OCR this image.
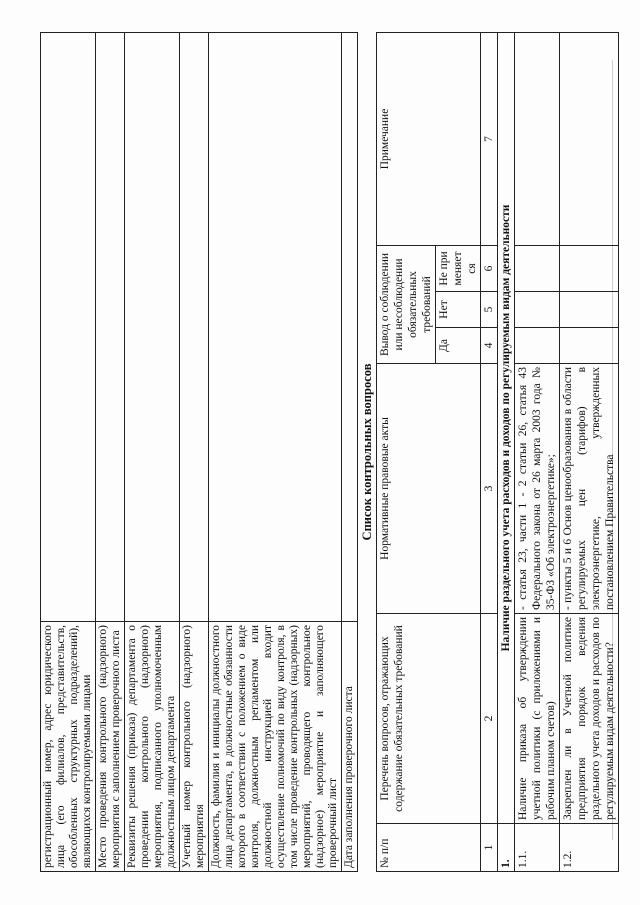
регистрационный номер, адрес юридического лица (его филиалов, представительств, обособленных структурных подразделений), являющихся контролируемыми лицами	
Место проведения контрольного (надзорного) мероприятия с заполнением проверочного листа	
Реквизиты решения (приказа) департамента о проведении контрольного (надзорного) мероприятия, подписанного уполномоченным должностным лицом департамента	
Учетный номер контрольного (надзорного) мероприятия	
Должность, фамилия и инициалы должностного лица департамента, в должностные обязанности которого в соответствии с положением о виде контроля, должностным регламентом или должностной инструкцией входит осуществление полномочий по виду контроля, в том числе проведение контрольных (надзорных) мероприятий, проводящего контрольное (надзорное) мероприятие и заполняющего проверочный лист	
Дата заполнения проверочного листа	
Список контрольных вопросов
№ п/п	Перечень вопросов, отражающих содержание обязательных требований	Нормативные правовые акты	Вывод о соблюдении или несоблюдении обязательных требований			Примечание
			Да	Нет	Не применяется	
1	2	3	4	5	6	7
1.	Наличие раздельного учета расходов и доходов по регулируемым видам деятельности					
1.1.	Наличие приказа об утверждении учетной политики (с приложениями и рабочим планом счетов)	- статья 23, части 1 - 2 статьи 26, статья 43 Федерального закона от 26 марта 2003 года № 35-ФЗ «Об электроэнергетике»;				
1.2.	Закреплен ли в Учетной политике предприятия порядок ведения раздельного учета доходов и расходов по регулируемым видам деятельности?	- пункты 5 и 6 Основ ценообразования в области регулируемых цен (тарифов) в электроэнергетике, утвержденных постановлением Правительства				
